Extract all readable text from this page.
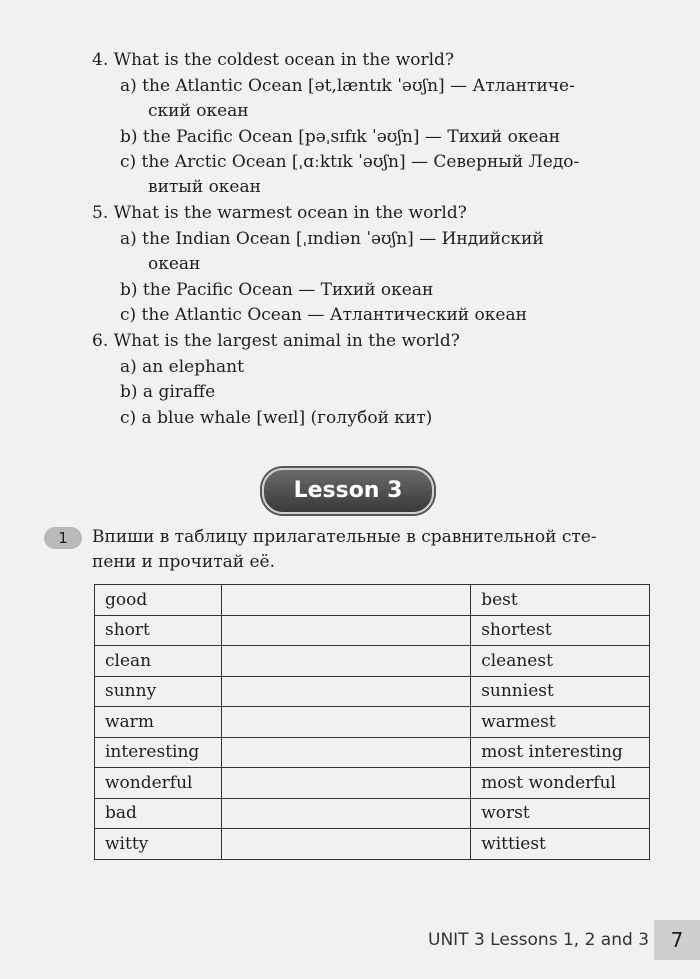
4. What is the coldest ocean in the world?
a) the Atlantic Ocean [ət,læntɪk ˈəʊʃn] — Атлантиче-
ский океан
b) the Pacific Ocean [pəˌsɪfɪk ˈəʊʃn] — Тихий океан
c) the Arctic Ocean [ˌɑːktɪk ˈəʊʃn] — Северный Ледо-
витый океан
5. What is the warmest ocean in the world?
a) the Indian Ocean [ˌɪndiən ˈəʊʃn] — Индийский
океан
b) the Pacific Ocean — Тихий океан
c) the Atlantic Ocean — Атлантический океан
6. What is the largest animal in the world?
a) an elephant
b) a giraffe
c) a blue whale [weɪl] (голубой кит)
Lesson 3
1	Впиши в таблицу прилагательные в сравнительной сте-
пени и прочитай её.
good		best
short		shortest
clean		cleanest
sunny		sunniest
warm		warmest
interesting		most interesting
wonderful		most wonderful
bad		worst
witty		wittiest
UNIT 3 Lessons 1, 2 and 3	7
